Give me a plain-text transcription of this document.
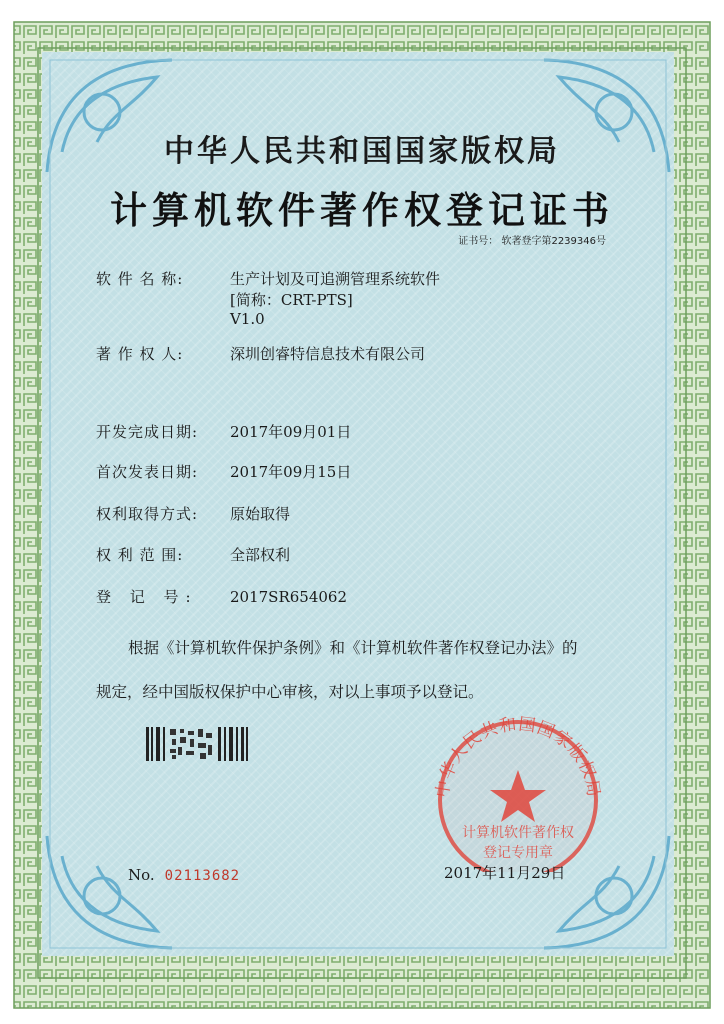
中华人民共和国国家版权局
计算机软件著作权登记证书
证书号： 软著登字第2239346号
软 件 名 称:	生产计划及可追溯管理系统软件
[简称：CRT-PTS]
V1.0
著 作 权 人:	深圳创睿特信息技术有限公司
开发完成日期: 2017年09月01日
首次发表日期: 2017年09月15日
权利取得方式: 原始取得
权 利 范 围:	全部权利
登 记 号: 2017SR654062
根据《计算机软件保护条例》和《计算机软件著作权登记办法》的
规定，经中国版权保护中心审核，对以上事项予以登记。
中华人民共和国国家版权局
计算机软件著作权
登记专用章
No. 02113682	2017年11月29日
